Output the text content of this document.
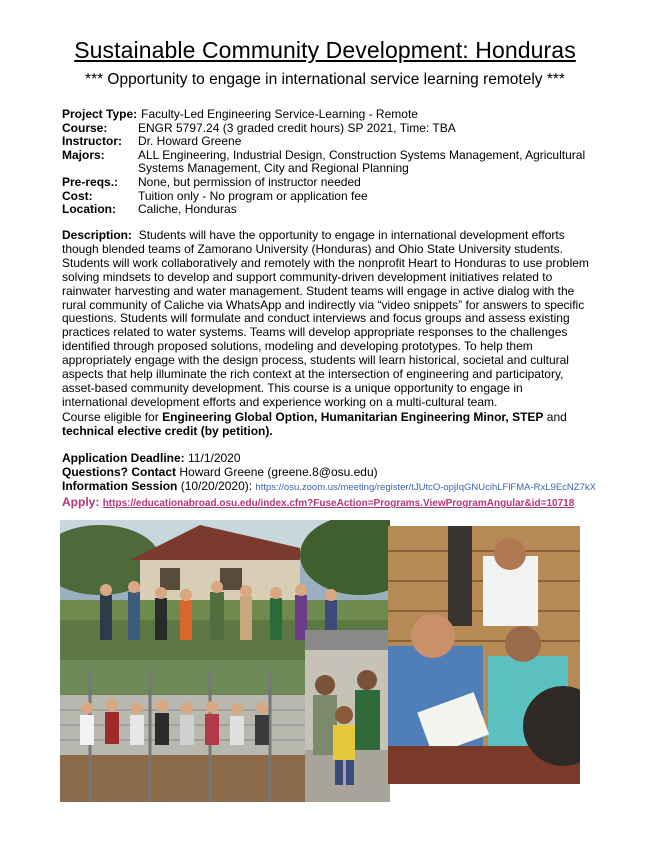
Sustainable Community Development: Honduras
*** Opportunity to engage in international service learning remotely ***
Project Type: Faculty-Led Engineering Service-Learning - Remote
Course:	ENGR 5797.24 (3 graded credit hours) SP 2021, Time: TBA
Instructor:	Dr. Howard Greene
Majors:	ALL Engineering, Industrial Design, Construction Systems Management, Agricultural Systems Management, City and Regional Planning
Pre-reqs.:	None, but permission of instructor needed
Cost:	Tuition only - No program or application fee
Location:	Caliche, Honduras
Description: Students will have the opportunity to engage in international development efforts though blended teams of Zamorano University (Honduras) and Ohio State University students. Students will work collaboratively and remotely with the nonprofit Heart to Honduras to use problem solving mindsets to develop and support community-driven development initiatives related to rainwater harvesting and water management. Student teams will engage in active dialog with the rural community of Caliche via WhatsApp and indirectly via “video snippets” for answers to specific questions. Students will formulate and conduct interviews and focus groups and assess existing practices related to water systems. Teams will develop appropriate responses to the challenges identified through proposed solutions, modeling and developing prototypes. To help them appropriately engage with the design process, students will learn historical, societal and cultural aspects that help illuminate the rich context at the intersection of engineering and participatory, asset-based community development. This course is a unique opportunity to engage in international development efforts and experience working on a multi-cultural team.
Course eligible for Engineering Global Option, Humanitarian Engineering Minor, STEP and
technical elective credit (by petition).
Application Deadline: 11/1/2020
Questions? Contact Howard Greene (greene.8@osu.edu)
Information Session (10/20/2020): https://osu.zoom.us/meeting/register/tJUtcO-opjIqGNUcihLFlFMA-RxL9EcNZ7kX
Apply: https://educationabroad.osu.edu/index.cfm?FuseAction=Programs.ViewProgramAngular&id=10718
